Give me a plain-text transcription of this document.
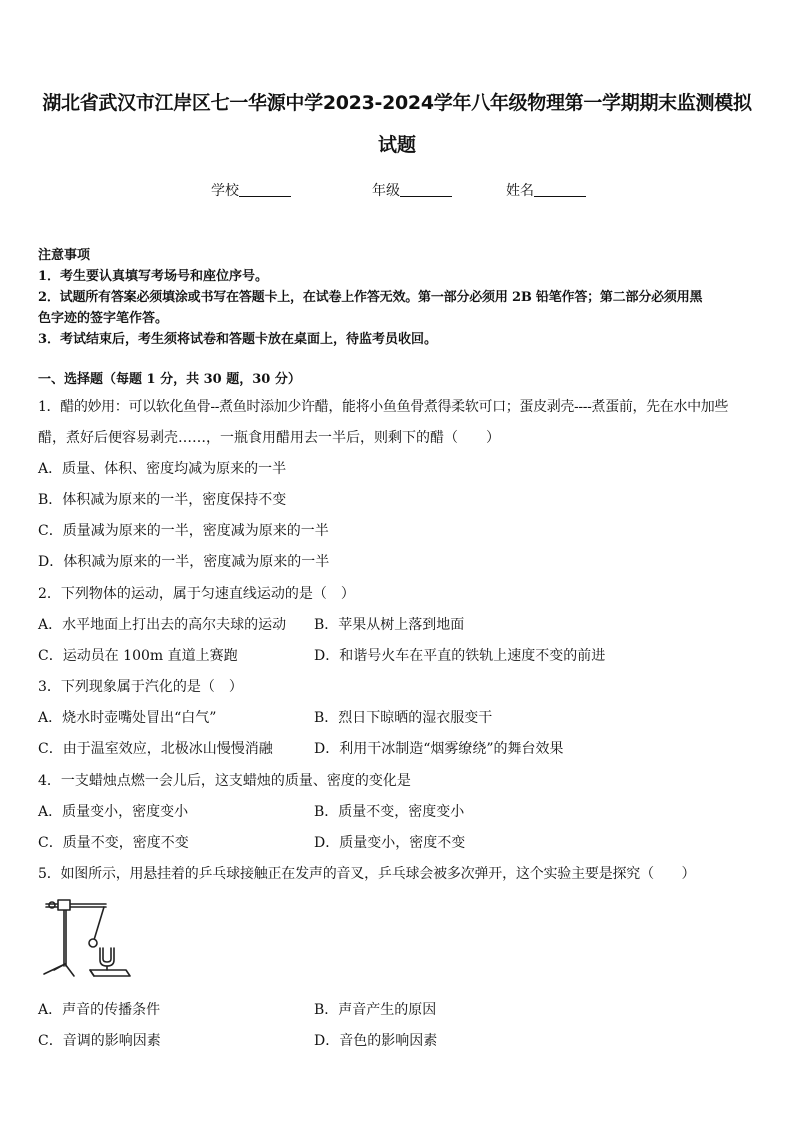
湖北省武汉市江岸区七一华源中学2023-2024学年八年级物理第一学期期末监测模拟
试题
学校	年级	姓名
注意事项
1．考生要认真填写考场号和座位序号。
2．试题所有答案必须填涂或书写在答题卡上，在试卷上作答无效。第一部分必须用 2B 铅笔作答；第二部分必须用黑
色字迹的签字笔作答。
3．考试结束后，考生须将试卷和答题卡放在桌面上，待监考员收回。
一、选择题（每题 1 分，共 30 题，30 分）
1．醋的妙用：可以软化鱼骨--煮鱼时添加少许醋，能将小鱼鱼骨煮得柔软可口；蛋皮剥壳----煮蛋前，先在水中加些
醋，煮好后便容易剥壳……，一瓶食用醋用去一半后，则剩下的醋（　　）
A．质量、体积、密度均减为原来的一半
B．体积减为原来的一半，密度保持不变
C．质量减为原来的一半，密度减为原来的一半
D．体积减为原来的一半，密度减为原来的一半
2．下列物体的运动，属于匀速直线运动的是（　）
A．水平地面上打出去的高尔夫球的运动 B．苹果从树上落到地面
C．运动员在 100m 直道上赛跑	D．和谐号火车在平直的铁轨上速度不变的前进
3．下列现象属于汽化的是（　）
A．烧水时壶嘴处冒出“白气”	B．烈日下晾晒的湿衣服变干
C．由于温室效应，北极冰山慢慢消融	D．利用干冰制造“烟雾缭绕”的舞台效果
4．一支蜡烛点燃一会儿后，这支蜡烛的质量、密度的变化是
A．质量变小，密度变小	B．质量不变，密度变小
C．质量不变，密度不变	D．质量变小，密度不变
5．如图所示，用悬挂着的乒乓球接触正在发声的音叉，乒乓球会被多次弹开，这个实验主要是探究（　　）
A．声音的传播条件	B．声音产生的原因
C．音调的影响因素	D．音色的影响因素
